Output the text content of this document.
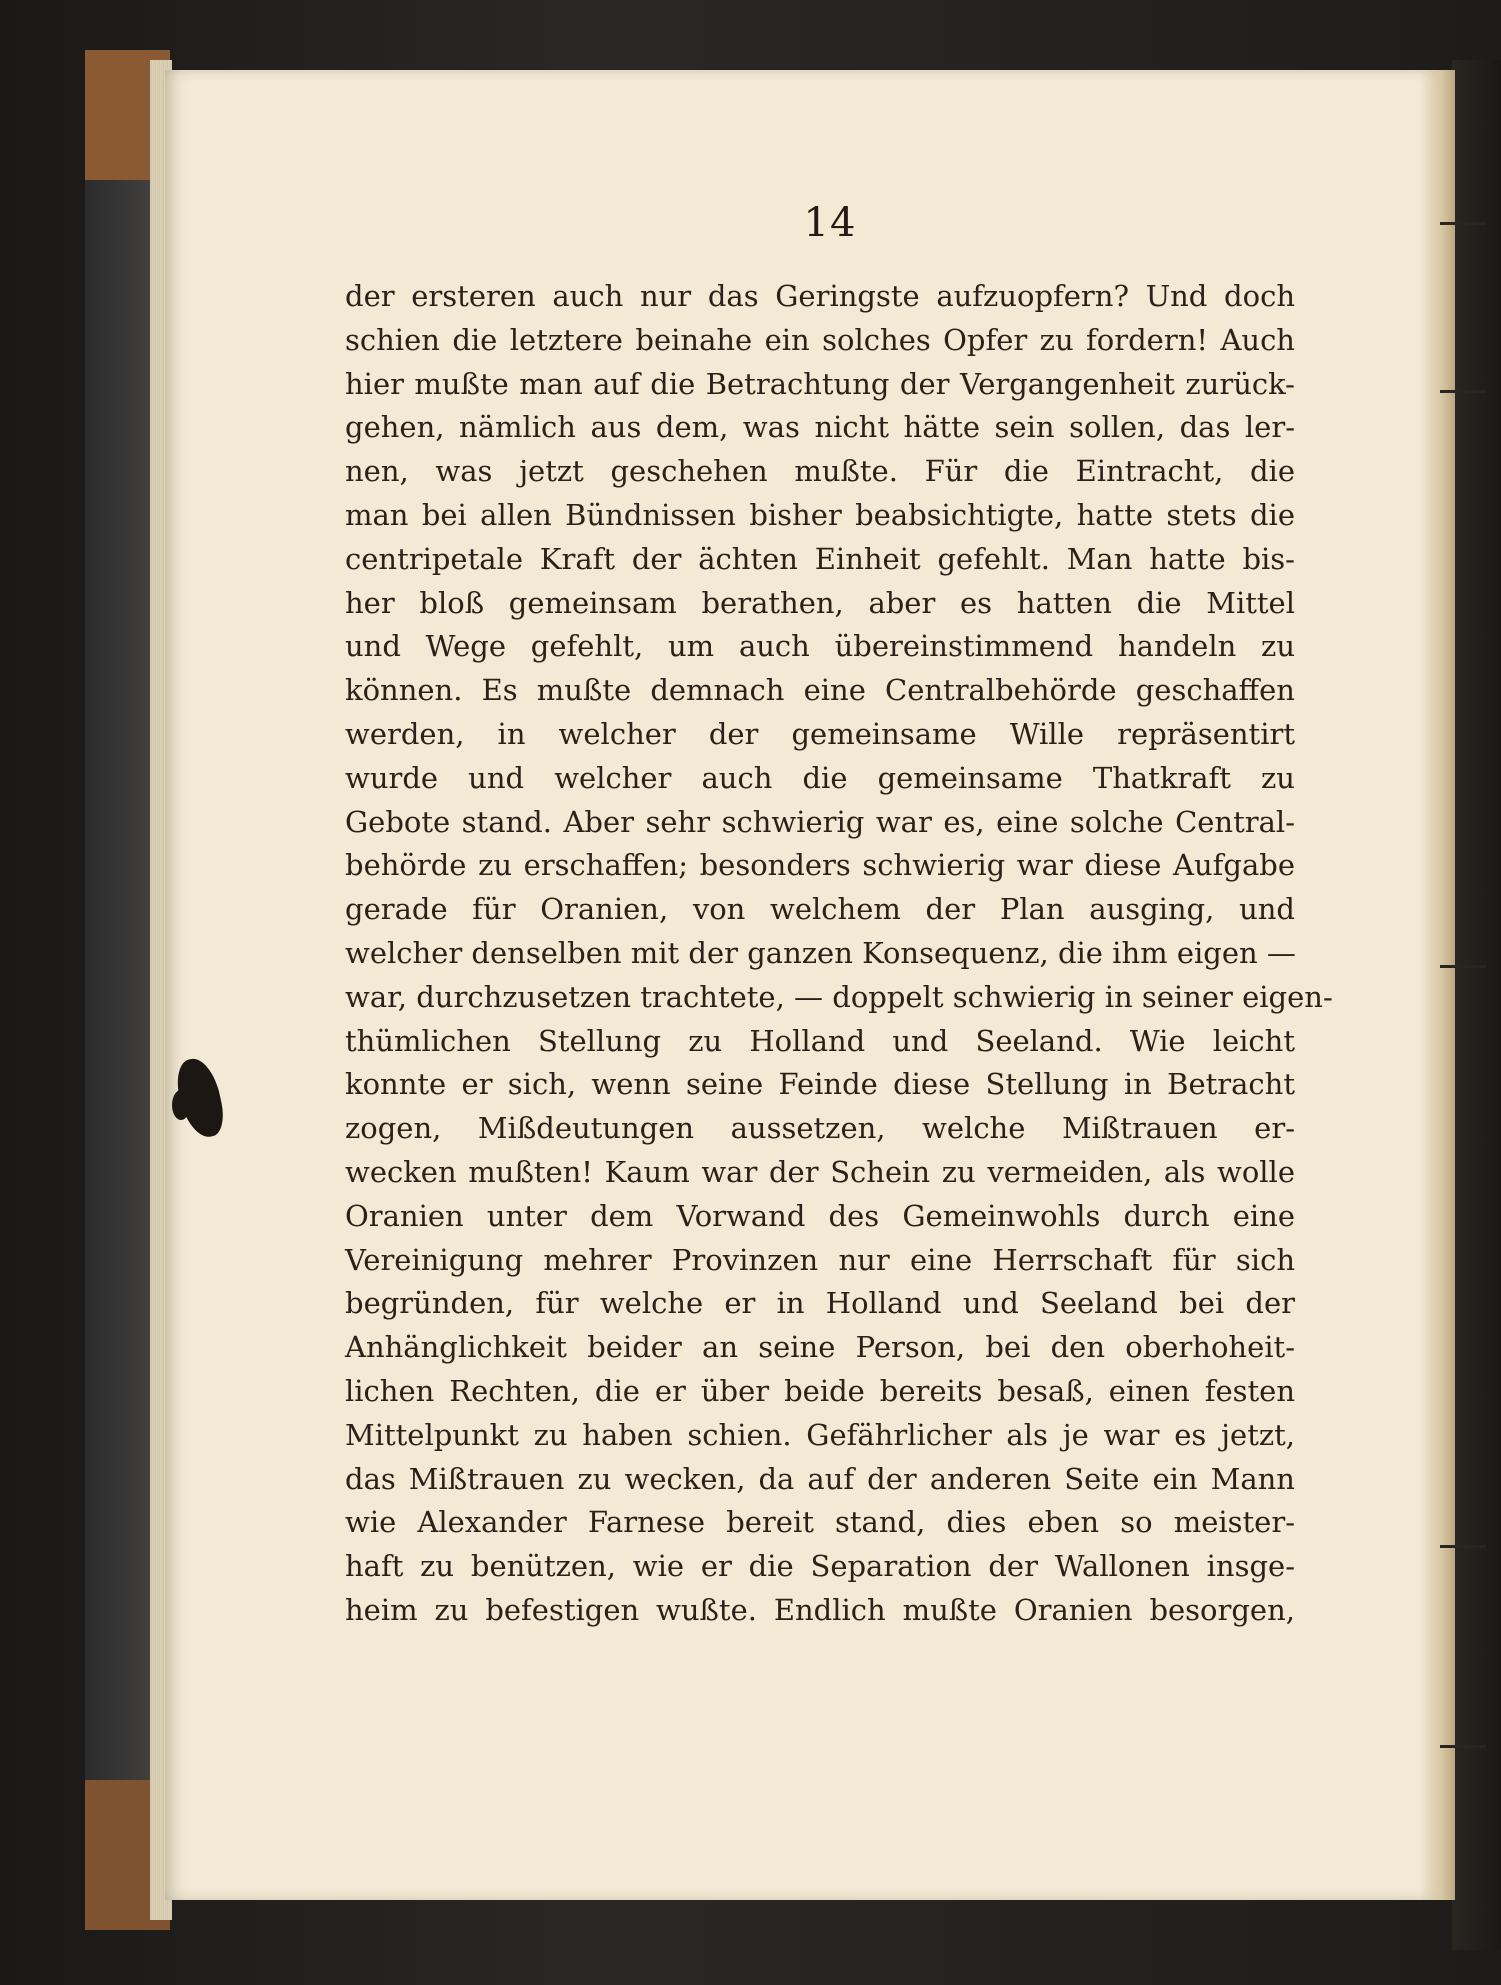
14
der ersteren auch nur das Geringste aufzuopfern? Und doch
schien die letztere beinahe ein solches Opfer zu fordern! Auch
hier mußte man auf die Betrachtung der Vergangenheit zurück-
gehen, nämlich aus dem, was nicht hätte sein sollen, das ler-
nen, was jetzt geschehen mußte. Für die Eintracht, die
man bei allen Bündnissen bisher beabsichtigte, hatte stets die
centripetale Kraft der ächten Einheit gefehlt. Man hatte bis-
her bloß gemeinsam berathen, aber es hatten die Mittel
und Wege gefehlt, um auch übereinstimmend handeln zu
können. Es mußte demnach eine Centralbehörde geschaffen
werden, in welcher der gemeinsame Wille repräsentirt
wurde und welcher auch die gemeinsame Thatkraft zu
Gebote stand. Aber sehr schwierig war es, eine solche Central-
behörde zu erschaffen; besonders schwierig war diese Aufgabe
gerade für Oranien, von welchem der Plan ausging, und
welcher denselben mit der ganzen Konsequenz, die ihm eigen —
war, durchzusetzen trachtete, — doppelt schwierig in seiner eigen-
thümlichen Stellung zu Holland und Seeland. Wie leicht
konnte er sich, wenn seine Feinde diese Stellung in Betracht
zogen, Mißdeutungen aussetzen, welche Mißtrauen er-
wecken mußten! Kaum war der Schein zu vermeiden, als wolle
Oranien unter dem Vorwand des Gemeinwohls durch eine
Vereinigung mehrer Provinzen nur eine Herrschaft für sich
begründen, für welche er in Holland und Seeland bei der
Anhänglichkeit beider an seine Person, bei den oberhoheit-
lichen Rechten, die er über beide bereits besaß, einen festen
Mittelpunkt zu haben schien. Gefährlicher als je war es jetzt,
das Mißtrauen zu wecken, da auf der anderen Seite ein Mann
wie Alexander Farnese bereit stand, dies eben so meister-
haft zu benützen, wie er die Separation der Wallonen insge-
heim zu befestigen wußte. Endlich mußte Oranien besorgen,
